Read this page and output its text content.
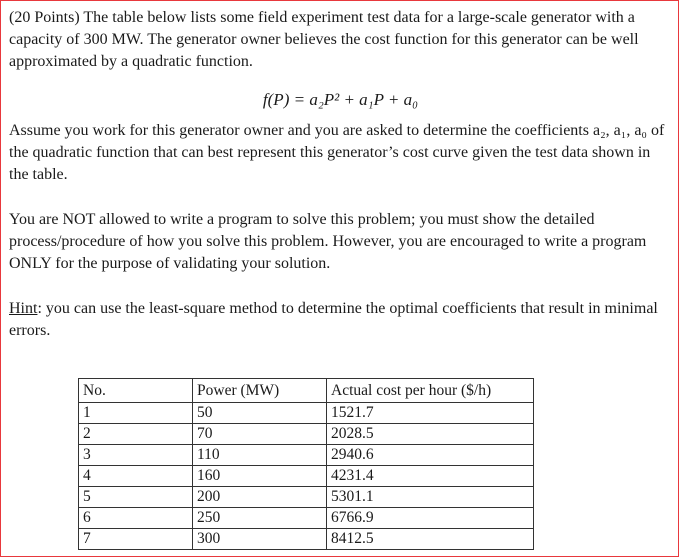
(20 Points) The table below lists some field experiment test data for a large-scale generator with a capacity of 300 MW. The generator owner believes the cost function for this generator can be well approximated by a quadratic function.

f(P) = a₂P² + a₁P + a₀

Assume you work for this generator owner and you are asked to determine the coefficients a₂, a₁, a₀ of the quadratic function that can best represent this generator’s cost curve given the test data shown in the table.

You are NOT allowed to write a program to solve this problem; you must show the detailed process/procedure of how you solve this problem. However, you are encouraged to write a program ONLY for the purpose of validating your solution.

Hint: you can use the least-square method to determine the optimal coefficients that result in minimal errors.

No.	Power (MW)	Actual cost per hour ($/h)
1	50	1521.7
2	70	2028.5
3	110	2940.6
4	160	4231.4
5	200	5301.1
6	250	6766.9
7	300	8412.5
